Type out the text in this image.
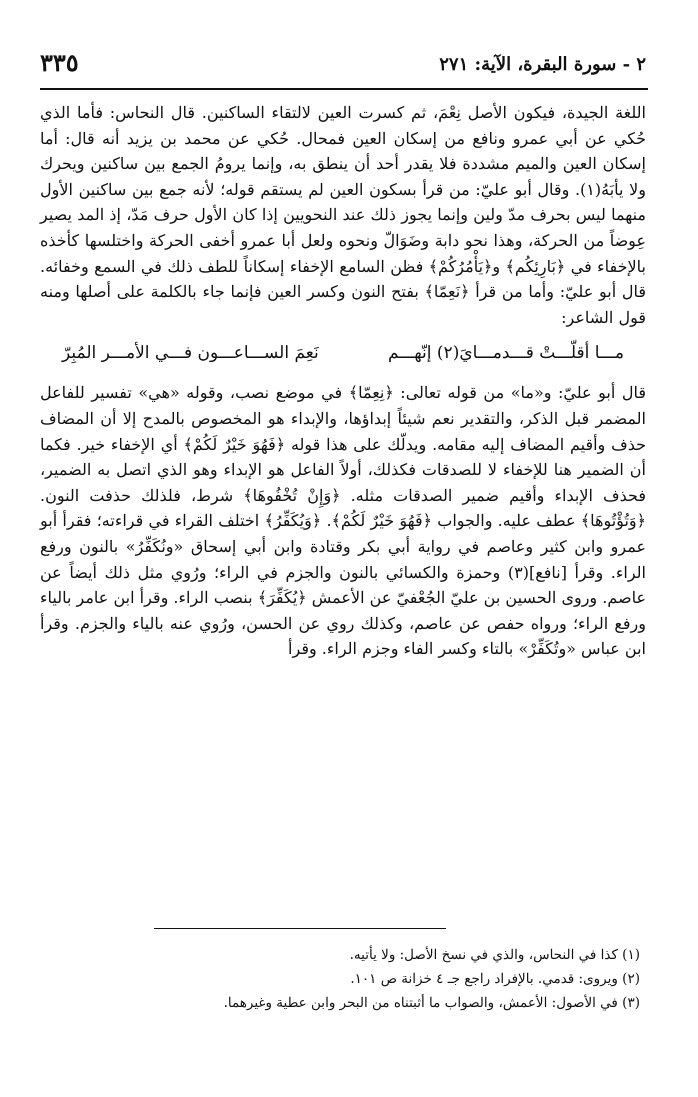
٢ - سورة البقرة، الآية: ٢٧١
٣٣٥

اللغة الجيدة، فيكون الأصل نِعْمَ، ثم كسرت العين لالتقاء الساكنين. قال النحاس: فأما الذي حُكي عن أبي عمرو ونافع من إسكان العين فمحال. حُكي عن محمد بن يزيد أنه قال: أما إسكان العين والميم مشددة فلا يقدر أحد أن ينطق به، وإنما يرومُ الجمع بين ساكنين ويحرك ولا يأبَهُ(١). وقال أبو عليّ: من قرأ بسكون العين لم يستقم قوله؛ لأنه جمع بين ساكنين الأول منهما ليس بحرف مدّ ولين وإنما يجوز ذلك عند النحويين إذا كان الأول حرف مَدّ، إذ المد يصير عِوضاً من الحركة، وهذا نحو دابة وضَوَالّ ونحوه ولعل أبا عمرو أخفى الحركة واختلسها كأخذه بالإخفاء في ﴿بَارِئِكُم﴾ و﴿يَأْمُرُكُمْ﴾ فظن السامع الإخفاء إسكاناً للطف ذلك في السمع وخفائه. قال أبو عليّ: وأما من قرأ ﴿نَعِمّا﴾ بفتح النون وكسر العين فإنما جاء بالكلمة على أصلها ومنه قول الشاعر:

مـــا أقلّـــتْ قـــدمـــايَ(٢) إنّهـــم
نَعِمَ الســـاعـــون فـــي الأمـــر المُبِرّ

قال أبو عليّ: و«ما» من قوله تعالى: ﴿نِعِمّا﴾ في موضع نصب، وقوله «هي» تفسير للفاعل المضمر قبل الذكر، والتقدير نعم شيئاً إبداؤها، والإبداء هو المخصوص بالمدح إلا أن المضاف حذف وأقيم المضاف إليه مقامه. ويدلّك على هذا قوله ﴿فَهُوَ خَيْرٌ لَكُمْ﴾ أي الإخفاء خير. فكما أن الضمير هنا للإخفاء لا للصدقات فكذلك، أولاً الفاعل هو الإبداء وهو الذي اتصل به الضمير، فحذف الإبداء وأقيم ضمير الصدقات مثله. ﴿وَإِنْ تُخْفُوهَا﴾ شرط، فلذلك حذفت النون. ﴿وَتُؤْتُوهَا﴾ عطف عليه. والجواب ﴿فَهُوَ خَيْرٌ لَكُمْ﴾. ﴿وَيُكَفِّرُ﴾ اختلف القراء في قراءته؛ فقرأ أبو عمرو وابن كثير وعاصم في رواية أبي بكر وقتادة وابن أبي إسحاق «ونُكَفِّرُ» بالنون ورفع الراء. وقرأ [نافع](٣) وحمزة والكسائي بالنون والجزم في الراء؛ ورُوي مثل ذلك أيضاً عن عاصم. وروى الحسين بن عليّ الجُعْفيّ عن الأعمش ﴿يُكَفِّرَ﴾ بنصب الراء. وقرأ ابن عامر بالياء ورفع الراء؛ ورواه حفص عن عاصم، وكذلك روي عن الحسن، ورُوي عنه بالياء والجزم. وقرأ ابن عباس «وتُكَفِّرْ» بالتاء وكسر الفاء وجزم الراء. وقرأ

(١) كذا في النحاس، والذي في نسخ الأصل: ولا يأتيه.
(٢) ويروى: قدمي. بالإفراد راجع جـ ٤ خزانة ص ١٠١.
(٣) في الأصول: الأعمش، والصواب ما أثبتناه من البحر وابن عطية وغيرهما.
